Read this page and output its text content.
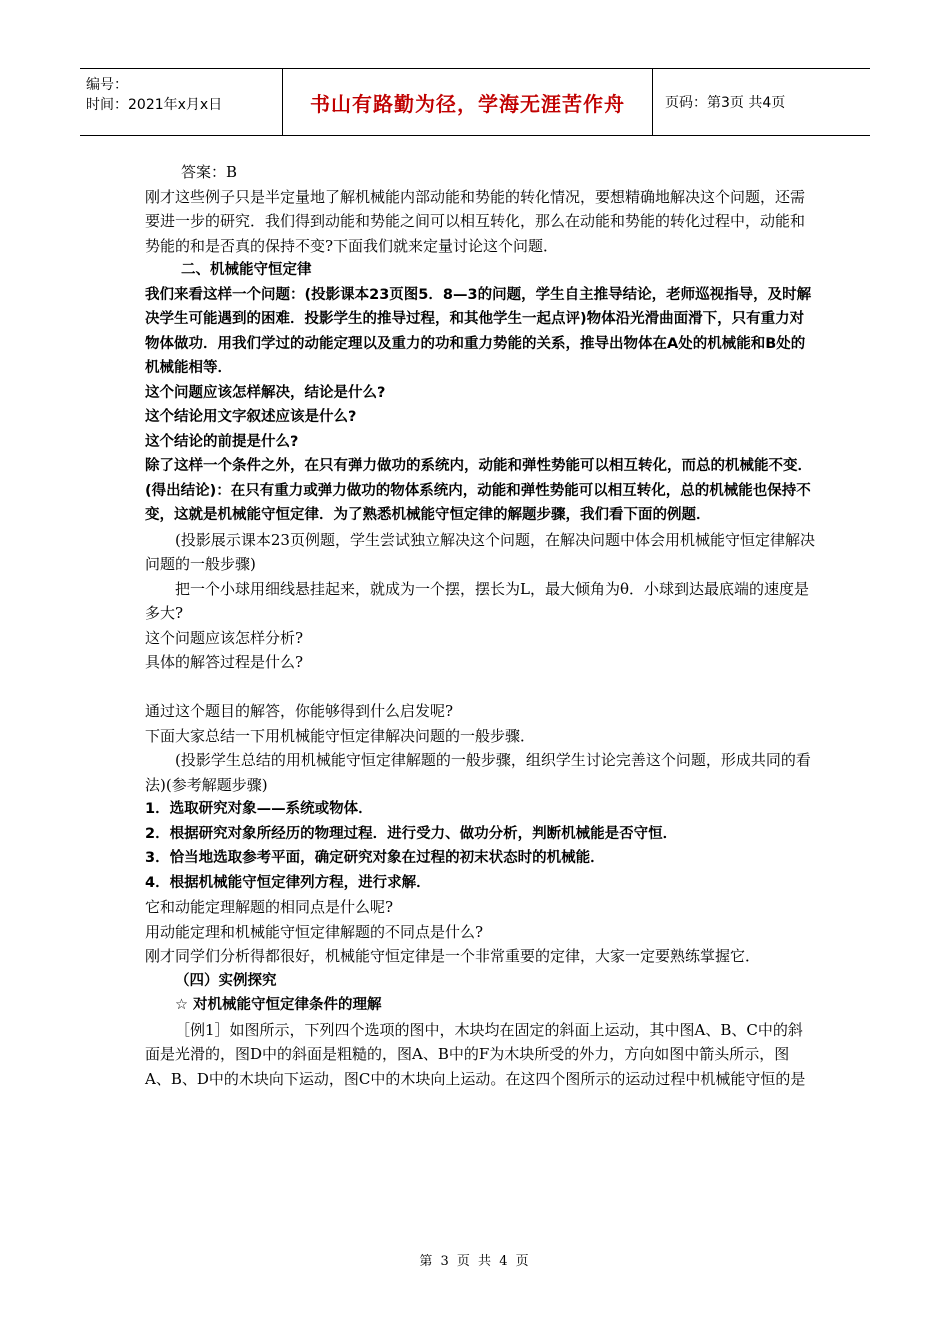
编号：
时间：2021年x月x日	书山有路勤为径，学海无涯苦作舟	页码：第3页 共4页

答案：B

刚才这些例子只是半定量地了解机械能内部动能和势能的转化情况，要想精确地解决这个问题，还需要进一步的研究．我们得到动能和势能之间可以相互转化，那么在动能和势能的转化过程中，动能和势能的和是否真的保持不变?下面我们就来定量讨论这个问题．

二、机械能守恒定律

我们来看这样一个问题：(投影课本23页图5．8—3的问题，学生自主推导结论，老师巡视指导，及时解决学生可能遇到的困难．投影学生的推导过程，和其他学生一起点评)物体沿光滑曲面滑下，只有重力对物体做功．用我们学过的动能定理以及重力的功和重力势能的关系，推导出物体在A处的机械能和B处的机械能相等．

这个问题应该怎样解决，结论是什么?

这个结论用文字叙述应该是什么?

这个结论的前提是什么?

除了这样一个条件之外，在只有弹力做功的系统内，动能和弹性势能可以相互转化，而总的机械能不变．

(得出结论)：在只有重力或弹力做功的物体系统内，动能和弹性势能可以相互转化，总的机械能也保持不变，这就是机械能守恒定律．为了熟悉机械能守恒定律的解题步骤，我们看下面的例题．

(投影展示课本23页例题，学生尝试独立解决这个问题，在解决问题中体会用机械能守恒定律解决问题的一般步骤)

把一个小球用细线悬挂起来，就成为一个摆，摆长为L，最大倾角为θ．小球到达最底端的速度是多大?

这个问题应该怎样分析?

具体的解答过程是什么?

通过这个题目的解答，你能够得到什么启发呢?

下面大家总结一下用机械能守恒定律解决问题的一般步骤．

(投影学生总结的用机械能守恒定律解题的一般步骤，组织学生讨论完善这个问题，形成共同的看法)(参考解题步骤)

1．选取研究对象——系统或物体．

2．根据研究对象所经历的物理过程．进行受力、做功分析，判断机械能是否守恒．

3．恰当地选取参考平面，确定研究对象在过程的初末状态时的机械能．

4．根据机械能守恒定律列方程，进行求解．

它和动能定理解题的相同点是什么呢?

用动能定理和机械能守恒定律解题的不同点是什么?

刚才同学们分析得都很好，机械能守恒定律是一个非常重要的定律，大家一定要熟练掌握它．

（四）实例探究

☆ 对机械能守恒定律条件的理解

［例1］如图所示，下列四个选项的图中，木块均在固定的斜面上运动，其中图A、B、C中的斜面是光滑的，图D中的斜面是粗糙的，图A、B中的F为木块所受的外力，方向如图中箭头所示，图A、B、D中的木块向下运动，图C中的木块向上运动。在这四个图所示的运动过程中机械能守恒的是

第 3 页 共 4 页
